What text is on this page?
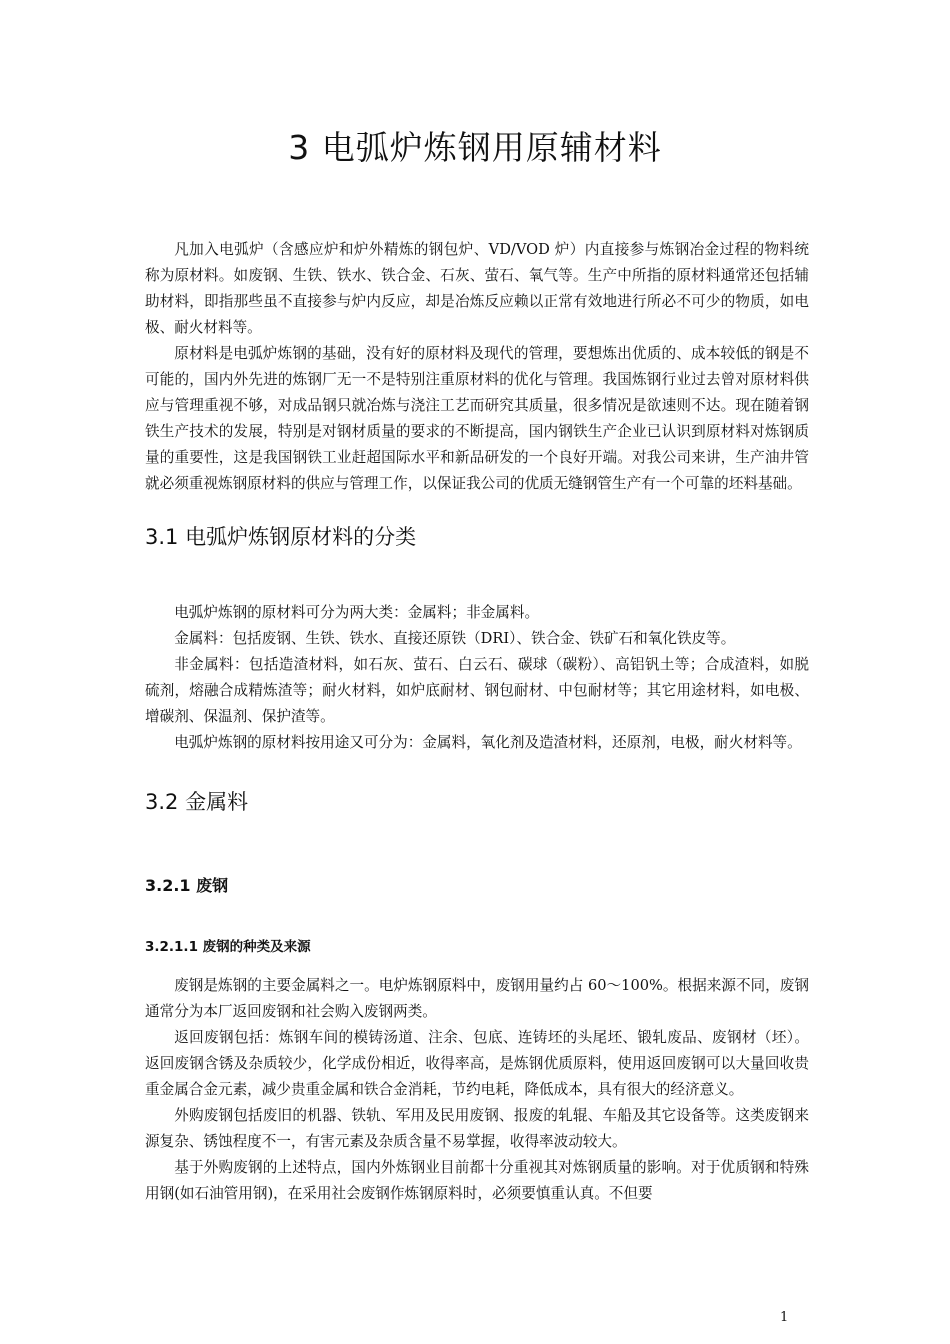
3 电弧炉炼钢用原辅材料

凡加入电弧炉（含感应炉和炉外精炼的钢包炉、VD/VOD 炉）内直接参与炼钢冶金过程的物料统称为原材料。如废钢、生铁、铁水、铁合金、石灰、萤石、氧气等。生产中所指的原材料通常还包括辅助材料，即指那些虽不直接参与炉内反应，却是冶炼反应赖以正常有效地进行所必不可少的物质，如电极、耐火材料等。

原材料是电弧炉炼钢的基础，没有好的原材料及现代的管理，要想炼出优质的、成本较低的钢是不可能的，国内外先进的炼钢厂无一不是特别注重原材料的优化与管理。我国炼钢行业过去曾对原材料供应与管理重视不够，对成品钢只就冶炼与浇注工艺而研究其质量，很多情况是欲速则不达。现在随着钢铁生产技术的发展，特别是对钢材质量的要求的不断提高，国内钢铁生产企业已认识到原材料对炼钢质量的重要性，这是我国钢铁工业赶超国际水平和新品研发的一个良好开端。对我公司来讲，生产油井管就必须重视炼钢原材料的供应与管理工作，以保证我公司的优质无缝钢管生产有一个可靠的坯料基础。

3.1 电弧炉炼钢原材料的分类

电弧炉炼钢的原材料可分为两大类：金属料；非金属料。

金属料：包括废钢、生铁、铁水、直接还原铁（DRI）、铁合金、铁矿石和氧化铁皮等。

非金属料：包括造渣材料，如石灰、萤石、白云石、碳球（碳粉）、高铝钒土等；合成渣料，如脱硫剂，熔融合成精炼渣等；耐火材料，如炉底耐材、钢包耐材、中包耐材等；其它用途材料，如电极、增碳剂、保温剂、保护渣等。

电弧炉炼钢的原材料按用途又可分为：金属料，氧化剂及造渣材料，还原剂，电极，耐火材料等。

3.2 金属料
3.2.1 废钢
3.2.1.1 废钢的种类及来源

废钢是炼钢的主要金属料之一。电炉炼钢原料中，废钢用量约占 60～100%。根据来源不同，废钢通常分为本厂返回废钢和社会购入废钢两类。

返回废钢包括：炼钢车间的模铸汤道、注余、包底、连铸坯的头尾坯、锻轧废品、废钢材（坯）。返回废钢含锈及杂质较少，化学成份相近，收得率高，是炼钢优质原料，使用返回废钢可以大量回收贵重金属合金元素，减少贵重金属和铁合金消耗，节约电耗，降低成本，具有很大的经济意义。

外购废钢包括废旧的机器、铁轨、军用及民用废钢、报废的轧辊、车船及其它设备等。这类废钢来源复杂、锈蚀程度不一，有害元素及杂质含量不易掌握，收得率波动较大。

基于外购废钢的上述特点，国内外炼钢业目前都十分重视其对炼钢质量的影响。对于优质钢和特殊用钢(如石油管用钢)，在采用社会废钢作炼钢原料时，必须要慎重认真。不但要

1
